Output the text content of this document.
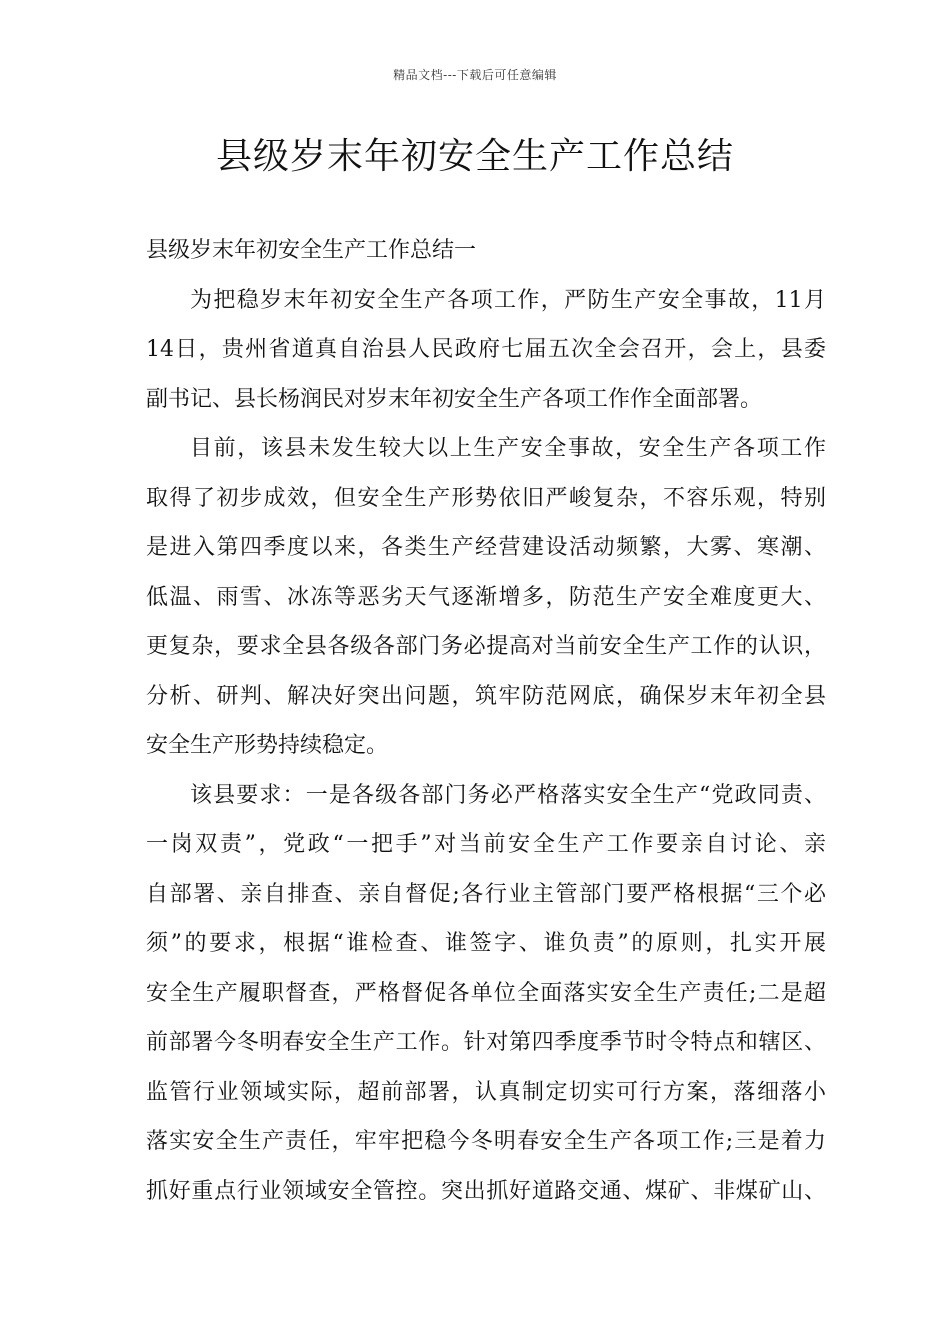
精品文档---下载后可任意编辑
县级岁末年初安全生产工作总结
县级岁末年初安全生产工作总结一
为把稳岁末年初安全生产各项工作，严防生产安全事故，11月
14日，贵州省道真自治县人民政府七届五次全会召开，会上，县委
副书记、县长杨润民对岁末年初安全生产各项工作作全面部署。
目前，该县未发生较大以上生产安全事故，安全生产各项工作
取得了初步成效，但安全生产形势依旧严峻复杂，不容乐观，特别
是进入第四季度以来，各类生产经营建设活动频繁，大雾、寒潮、
低温、雨雪、冰冻等恶劣天气逐渐增多，防范生产安全难度更大、
更复杂，要求全县各级各部门务必提高对当前安全生产工作的认识，
分析、研判、解决好突出问题，筑牢防范网底，确保岁末年初全县
安全生产形势持续稳定。
该县要求：一是各级各部门务必严格落实安全生产“党政同责、
一岗双责”，党政“一把手”对当前安全生产工作要亲自讨论、亲
自部署、亲自排查、亲自督促;各行业主管部门要严格根据“三个必
须”的要求，根据“谁检查、谁签字、谁负责”的原则，扎实开展
安全生产履职督查，严格督促各单位全面落实安全生产责任;二是超
前部署今冬明春安全生产工作。针对第四季度季节时令特点和辖区、
监管行业领域实际，超前部署，认真制定切实可行方案，落细落小
落实安全生产责任，牢牢把稳今冬明春安全生产各项工作;三是着力
抓好重点行业领域安全管控。突出抓好道路交通、煤矿、非煤矿山、
